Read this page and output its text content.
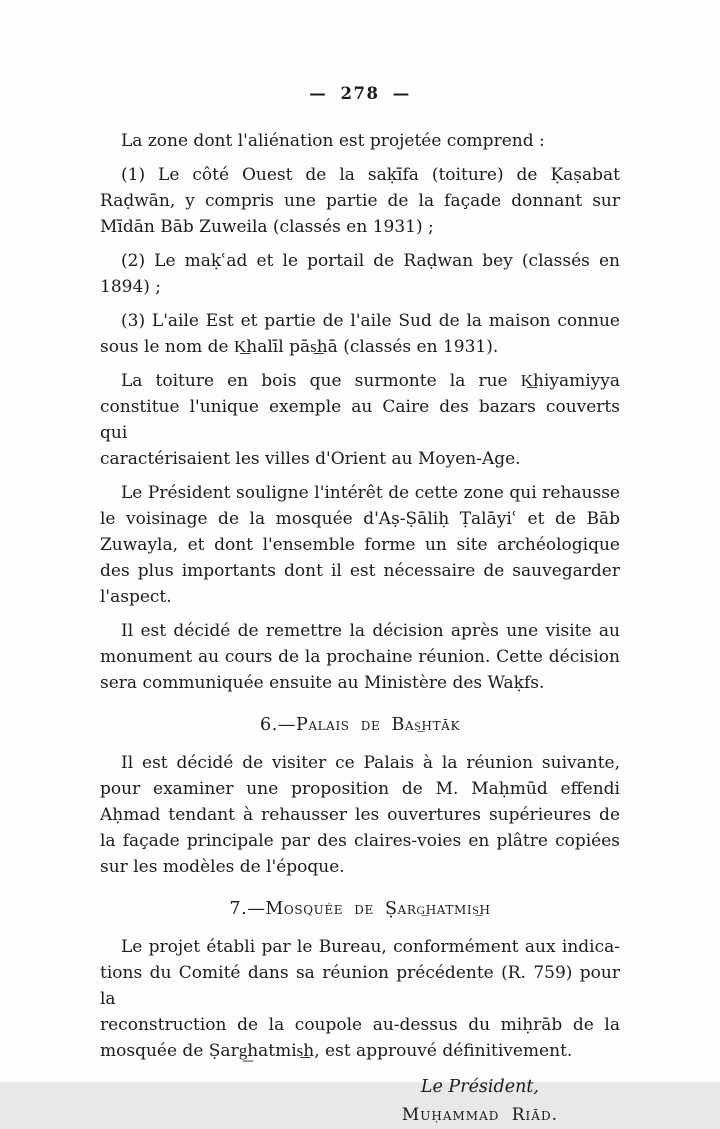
— 278 —
La zone dont l'aliénation est projetée comprend :
(1) Le côté Ouest de la saḳīfa (toiture) de Ḳaṣabat
Raḍwān, y compris une partie de la façade donnant sur
Mīdān Bāb Zuweila (classés en 1931) ;
(2) Le maḳʿad et le portail de Raḍwan bey (classés en
1894) ;
(3) L'aile Est et partie de l'aile Sud de la maison connue
sous le nom de K͟halīl pās͟hā (classés en 1931).
La toiture en bois que surmonte la rue K͟hiyamiyya
constitue l'unique exemple au Caire des bazars couverts qui
caractérisaient les villes d'Orient au Moyen-Age.
Le Président souligne l'intérêt de cette zone qui rehausse
le voisinage de la mosquée d'Aṣ-Ṣāliḥ Ṭalāyiʿ et de Bāb
Zuwayla, et dont l'ensemble forme un site archéologique
des plus importants dont il est nécessaire de sauvegarder
l'aspect.
Il est décidé de remettre la décision après une visite au
monument au cours de la prochaine réunion. Cette décision
sera communiquée ensuite au Ministère des Waḳfs.
6.—Palais de Bas͟htāk
Il est décidé de visiter ce Palais à la réunion suivante,
pour examiner une proposition de M. Maḥmūd effendi
Aḥmad tendant à rehausser les ouvertures supérieures de
la façade principale par des claires-voies en plâtre copiées
sur les modèles de l'époque.
7.—Mosquée de Ṣarg͟hatmis͟h
Le projet établi par le Bureau, conformément aux indica-
tions du Comité dans sa réunion précédente (R. 759) pour la
reconstruction de la coupole au-dessus du miḥrāb de la
mosquée de Ṣarg͟hatmis͟h, est approuvé définitivement.
Le Président,
Muḥammad Riād.
